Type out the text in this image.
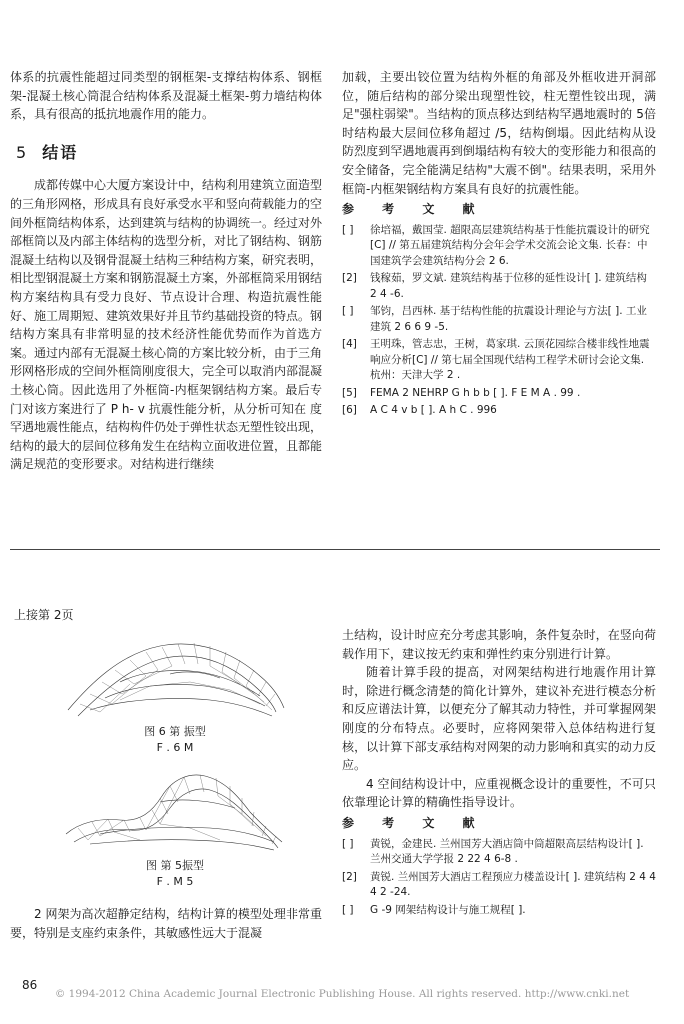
体系的抗震性能超过同类型的钢框架-支撑结构体系、钢框架-混凝土核心筒混合结构体系及混凝土框架-剪力墙结构体系，具有很高的抵抗地震作用的能力。

5 结语

成都传媒中心大厦方案设计中，结构利用建筑立面造型的三角形网格，形成具有良好承受水平和竖向荷载能力的空间外框筒结构体系，达到建筑与结构的协调统一。经过对外部框筒以及内部主体结构的选型分析，对比了钢结构、钢筋混凝土结构以及钢骨混凝土结构三种结构方案，研究表明，相比型钢混凝土方案和钢筋混凝土方案，外部框筒采用钢结构方案结构具有受力良好、节点设计合理、构造抗震性能好、施工周期短、建筑效果好并且节约基础投资的特点。钢结构方案具有非常明显的技术经济性能优势而作为首选方案。通过内部有无混凝土核心筒的方案比较分析，由于三角形网格形成的空间外框筒刚度很大，完全可以取消内部混凝土核心筒。因此选用了外框筒-内框架钢结构方案。最后专门对该方案进行了 P h- v 抗震性能分析，从分析可知在 度罕遇地震性能点，结构构件仍处于弹性状态无塑性铰出现，结构的最大的层间位移角发生在结构立面收进位置，且都能满足规范的变形要求。对结构进行继续

加载，主要出铰位置为结构外框的角部及外框收进开洞部位，随后结构的部分梁出现塑性铰，柱无塑性铰出现，满足"强柱弱梁"。当结构的顶点移达到结构罕遇地震时的 5倍时结构最大层间位移角超过 /5，结构倒塌。因此结构从设防烈度到罕遇地震再到倒塌结构有较大的变形能力和很高的安全储备，完全能满足结构"大震不倒"。结果表明，采用外框筒-内框架钢结构方案具有良好的抗震性能。

参 考 文 献

[ ]	徐培福，戴国莹. 超限高层建筑结构基于性能抗震设计的研究[C] // 第五届建筑结构分会年会学术交流会论文集. 长春：中国建筑学会建筑结构分会 2 6.
[2]	钱稼茹，罗文斌. 建筑结构基于位移的延性设计[ ]. 建筑结构 2 4 -6.
[ ]	邹钧，吕西林. 基于结构性能的抗震设计理论与方法[ ]. 工业建筑 2 6 6 9 -5.
[4]	王明珠，管志忠，王树，葛家琪. 云顶花园综合楼非线性地震响应分析[C] // 第七届全国现代结构工程学术研讨会论文集. 杭州：天津大学 2 .
[5]	FEMA 2 NEHRP G h b b [ ]. F E M A . 99 .
[6]	A C 4 v b [ ]. A h C . 996
上接第 2页
图 6 第 振型
F . 6 M
图 第 5振型
F . M 5

2 网架为高次超静定结构，结构计算的模型处理非常重要，特别是支座约束条件，其敏感性远大于混凝

土结构，设计时应充分考虑其影响，条件复杂时，在竖向荷载作用下，建议按无约束和弹性约束分别进行计算。

随着计算手段的提高，对网架结构进行地震作用计算时，除进行概念清楚的简化计算外，建议补充进行模态分析和反应谱法计算，以便充分了解其动力特性，并可掌握网架刚度的分布特点。必要时，应将网架带入总体结构进行复核，以计算下部支承结构对网架的动力影响和真实的动力反应。

4 空间结构设计中，应重视概念设计的重要性，不可只依靠理论计算的精确性指导设计。

参 考 文 献

[ ]	黄锐，金建民. 兰州国芳大酒店筒中筒超限高层结构设计[ ]. 兰州交通大学学报 2 22 4 6-8 .
[2]	黄锐. 兰州国芳大酒店工程预应力楼盖设计[ ]. 建筑结构 2 4 4 4 2 -24.
[ ]	G -9 网架结构设计与施工规程[ ].
86
© 1994-2012 China Academic Journal Electronic Publishing House. All rights reserved. http://www.cnki.net
